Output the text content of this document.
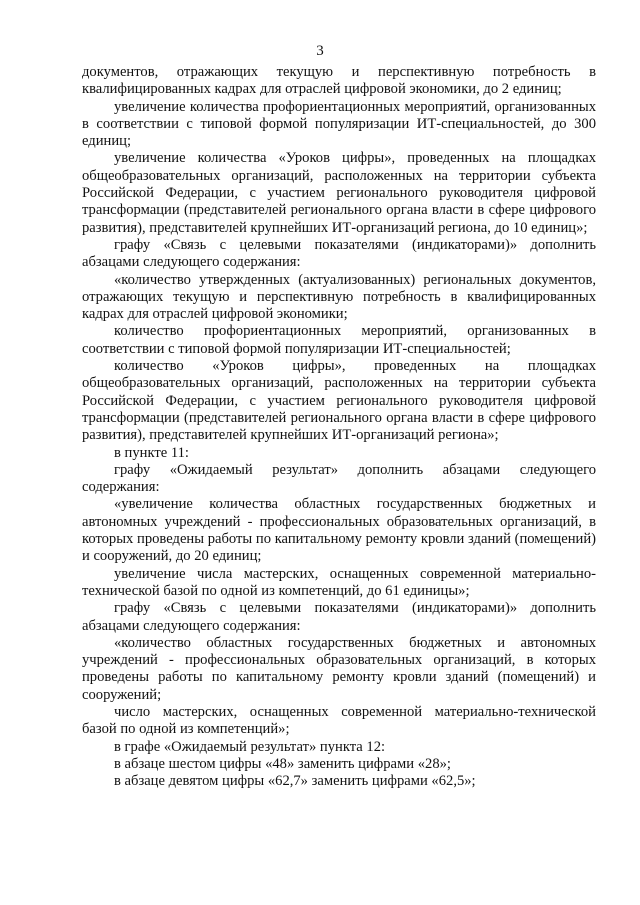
3

документов, отражающих текущую и перспективную потребность в квалифицированных кадрах для отраслей цифровой экономики, до 2 единиц;

увеличение количества профориентационных мероприятий, организованных в соответствии с типовой формой популяризации ИТ-специальностей, до 300 единиц;

увеличение количества «Уроков цифры», проведенных на площадках общеобразовательных организаций, расположенных на территории субъекта Российской Федерации, с участием регионального руководителя цифровой трансформации (представителей регионального органа власти в сфере цифрового развития), представителей крупнейших ИТ-организаций региона, до 10 единиц»;

графу «Связь с целевыми показателями (индикаторами)» дополнить абзацами следующего содержания:

«количество утвержденных (актуализованных) региональных документов, отражающих текущую и перспективную потребность в квалифицированных кадрах для отраслей цифровой экономики;

количество профориентационных мероприятий, организованных в соответствии с типовой формой популяризации ИТ-специальностей;

количество «Уроков цифры», проведенных на площадках общеобразовательных организаций, расположенных на территории субъекта Российской Федерации, с участием регионального руководителя цифровой трансформации (представителей регионального органа власти в сфере цифрового развития), представителей крупнейших ИТ-организаций региона»;

в пункте 11:

графу «Ожидаемый результат» дополнить абзацами следующего содержания:

«увеличение количества областных государственных бюджетных и автономных учреждений - профессиональных образовательных организаций, в которых проведены работы по капитальному ремонту кровли зданий (помещений) и сооружений, до 20 единиц;

увеличение числа мастерских, оснащенных современной материально-технической базой по одной из компетенций, до 61 единицы»;

графу «Связь с целевыми показателями (индикаторами)» дополнить абзацами следующего содержания:

«количество областных государственных бюджетных и автономных учреждений - профессиональных образовательных организаций, в которых проведены работы по капитальному ремонту кровли зданий (помещений) и сооружений;

число мастерских, оснащенных современной материально-технической базой по одной из компетенций»;

в графе «Ожидаемый результат» пункта 12:

в абзаце шестом цифры «48» заменить цифрами «28»;

в абзаце девятом цифры «62,7» заменить цифрами «62,5»;
